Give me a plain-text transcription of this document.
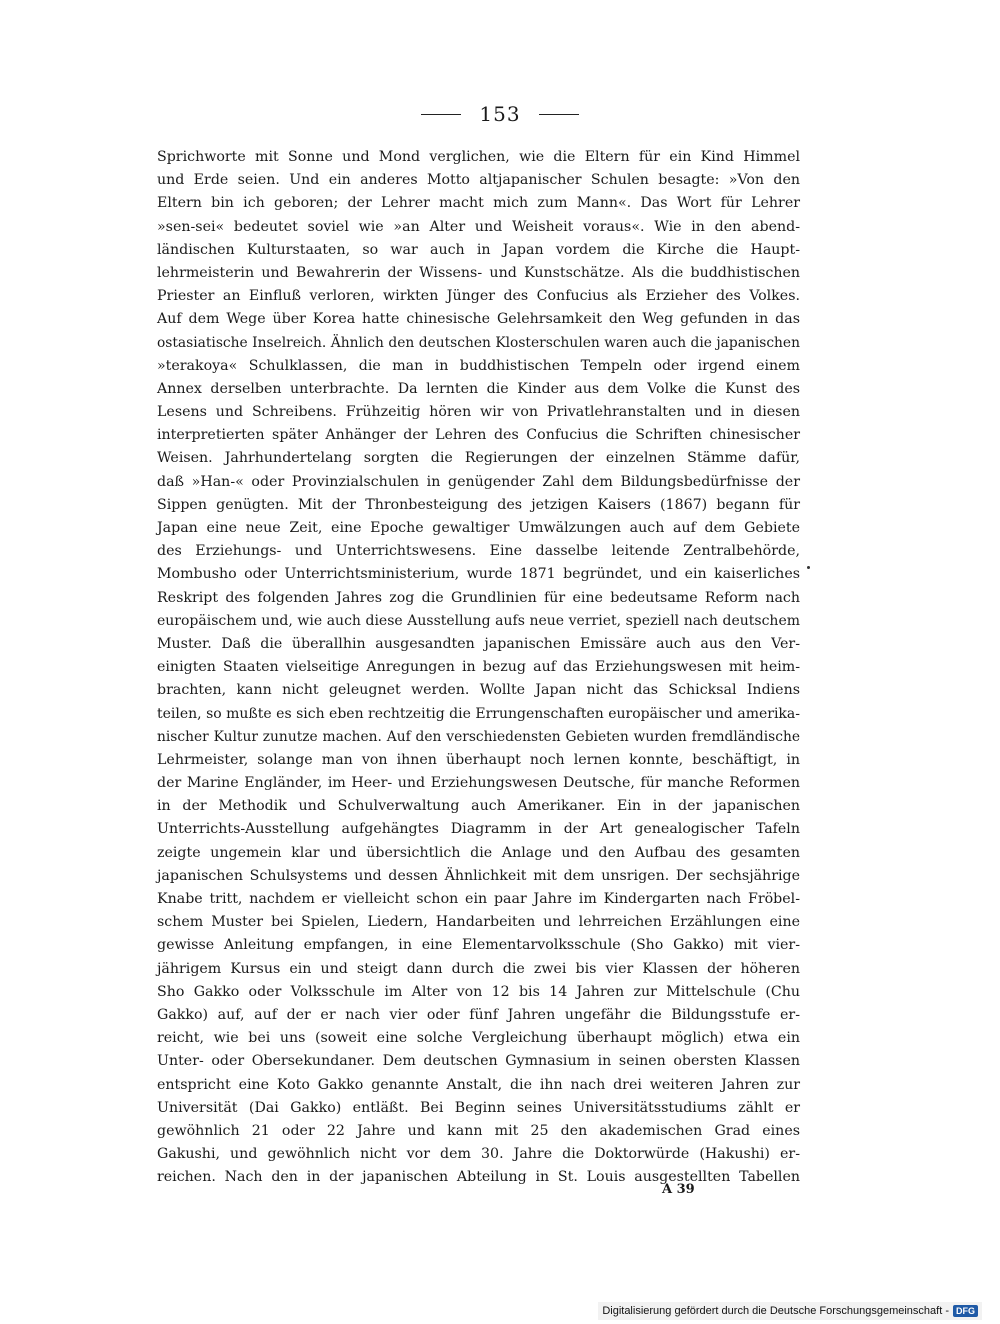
153
Sprichworte mit Sonne und Mond verglichen, wie die Eltern für ein Kind Himmel
und Erde seien. Und ein anderes Motto altjapanischer Schulen besagte: »Von den
Eltern bin ich geboren; der Lehrer macht mich zum Mann«. Das Wort für Lehrer
»sen-sei« bedeutet soviel wie »an Alter und Weisheit voraus«. Wie in den abend-
ländischen Kulturstaaten, so war auch in Japan vordem die Kirche die Haupt-
lehrmeisterin und Bewahrerin der Wissens- und Kunstschätze. Als die buddhistischen
Priester an Einfluß verloren, wirkten Jünger des Confucius als Erzieher des Volkes.
Auf dem Wege über Korea hatte chinesische Gelehrsamkeit den Weg gefunden in das
ostasiatische Inselreich. Ähnlich den deutschen Klosterschulen waren auch die japanischen
»terakoya« Schulklassen, die man in buddhistischen Tempeln oder irgend einem
Annex derselben unterbrachte. Da lernten die Kinder aus dem Volke die Kunst des
Lesens und Schreibens. Frühzeitig hören wir von Privatlehranstalten und in diesen
interpretierten später Anhänger der Lehren des Confucius die Schriften chinesischer
Weisen. Jahrhundertelang sorgten die Regierungen der einzelnen Stämme dafür,
daß »Han-« oder Provinzialschulen in genügender Zahl dem Bildungsbedürfnisse der
Sippen genügten. Mit der Thronbesteigung des jetzigen Kaisers (1867) begann für
Japan eine neue Zeit, eine Epoche gewaltiger Umwälzungen auch auf dem Gebiete
des Erziehungs- und Unterrichtswesens. Eine dasselbe leitende Zentralbehörde,
Mombusho oder Unterrichtsministerium, wurde 1871 begründet, und ein kaiserliches
Reskript des folgenden Jahres zog die Grundlinien für eine bedeutsame Reform nach
europäischem und, wie auch diese Ausstellung aufs neue verriet, speziell nach deutschem
Muster. Daß die überallhin ausgesandten japanischen Emissäre auch aus den Ver-
einigten Staaten vielseitige Anregungen in bezug auf das Erziehungswesen mit heim-
brachten, kann nicht geleugnet werden. Wollte Japan nicht das Schicksal Indiens
teilen, so mußte es sich eben rechtzeitig die Errungenschaften europäischer und amerika-
nischer Kultur zunutze machen. Auf den verschiedensten Gebieten wurden fremdländische
Lehrmeister, solange man von ihnen überhaupt noch lernen konnte, beschäftigt, in
der Marine Engländer, im Heer- und Erziehungswesen Deutsche, für manche Reformen
in der Methodik und Schulverwaltung auch Amerikaner. Ein in der japanischen
Unterrichts-Ausstellung aufgehängtes Diagramm in der Art genealogischer Tafeln
zeigte ungemein klar und übersichtlich die Anlage und den Aufbau des gesamten
japanischen Schulsystems und dessen Ähnlichkeit mit dem unsrigen. Der sechsjährige
Knabe tritt, nachdem er vielleicht schon ein paar Jahre im Kindergarten nach Fröbel-
schem Muster bei Spielen, Liedern, Handarbeiten und lehrreichen Erzählungen eine
gewisse Anleitung empfangen, in eine Elementarvolksschule (Sho Gakko) mit vier-
jährigem Kursus ein und steigt dann durch die zwei bis vier Klassen der höheren
Sho Gakko oder Volksschule im Alter von 12 bis 14 Jahren zur Mittelschule (Chu
Gakko) auf, auf der er nach vier oder fünf Jahren ungefähr die Bildungsstufe er-
reicht, wie bei uns (soweit eine solche Vergleichung überhaupt möglich) etwa ein
Unter- oder Obersekundaner. Dem deutschen Gymnasium in seinen obersten Klassen
entspricht eine Koto Gakko genannte Anstalt, die ihn nach drei weiteren Jahren zur
Universität (Dai Gakko) entläßt. Bei Beginn seines Universitätsstudiums zählt er
gewöhnlich 21 oder 22 Jahre und kann mit 25 den akademischen Grad eines
Gakushi, und gewöhnlich nicht vor dem 30. Jahre die Doktorwürde (Hakushi) er-
reichen. Nach den in der japanischen Abteilung in St. Louis ausgestellten Tabellen
A 39
Digitalisierung gefördert durch die Deutsche Forschungsgemeinschaft - DFG
